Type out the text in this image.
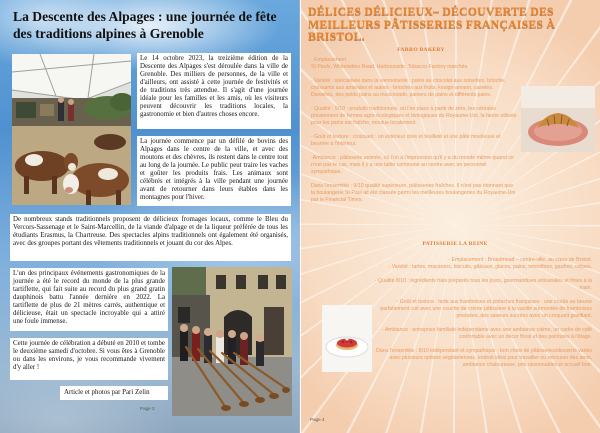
La Descente des Alpages : une journée de fête des traditions alpines à Grenoble
Le 14 octobre 2023, la treizième édition de la Descente des Alpages s'est déroulée dans la ville de Grenoble. Des milliers de personnes, de la ville et d'ailleurs, ont assisté à cette journée de festivités et de traditions très attendue. Il s'agit d'une journée idéale pour les familles et les amis, où les visiteurs peuvent découvrir les traditions locales, la gastronomie et bien d'autres choses encore.
La journée commence par un défilé de bovins des Alpages dans le centre de la ville, et avec des moutons et des chèvres, ils restent dans le centre tout au long de la journée. Le public peut traire les vaches et goûter les produits frais. Les animaux sont célébrés et intégrés à la ville pendant une journée avant de retourner dans leurs étables dans les montagnes pour l'hiver.
De nombreux stands traditionnels proposent de délicieux fromages locaux, comme le Bleu du Vercors-Sassenage et le Saint-Marcellin, de la viande d'alpage et de la liqueur préférée de tous les étudiants Erasmus, la Chartreuse. Des spectacles alpins traditionnels ont également été organisés, avec des groupes portant des vêtements traditionnels et jouant du cor des Alpes.
L'un des principaux événements gastronomiques de la journée a été le record du monde de la plus grande tartiflette, qui fait suite au record du plus grand gratin dauphinois battu l'année dernière en 2022. La tartiflette de plus de 21 mètres carrés, authentique et délicieuse, était un spectacle incroyable qui a attiré une foule immense.
Cette journée de célébration a débuté en 2010 et tombe le deuxième samedi d'octobre. Si vous êtes à Grenoble ou dans les environs, je vous recommande vivement d'y aller !
Article et photos par Pari Zelin
Page 3
DÉLICES DÉLICIEUX– DÉCOUVERTE DES MEILLEURS PÂTISSERIES FRANÇAISES À BRISTOL.
FARRO BAKERY

- Emplacement

St Pauls, Whiteladies Road, Harbourside, Tobacco Factory marchés.

- Variété : spécialisée dans la viennoiserie : pains au chocolat aux noisettes, brioche, croissants aux amandes et autres - brioches aux fruits, kouign-amann, canelés. Danishes, des petits pains au muscovado, paniers de pains et différents pains.

- Qualité : 9/10 : produits traditionnels, où l'on place à partir de zéro, les céréales proviennent de fermes agro-écologiques et biologiques du Royaume-Uni, la farine utilisée pour les pains est fraîche, moulue localement.

- Goût et texture : croissant : un extérieur doré et feuilleté et une pâte moelleuse et beurrée à l'intérieur.

-Ambiance : pâtisserie animée, où l'on a l'impression qu'il y a du monde même quand ce n'est pas le cas, mais il y a une table commune au centre avec un personnel sympathique.

Dans l'ensemble : 9/10 qualité supérieure, pâtisseries fraîches. Il n'est pas étonnant que la boulangerie St Paul ait été classée parmi les meilleures boulangeries du Royaume-Uni par le Financial Times.

PATISSERIE LA REINE

- Emplacement : Broadmead – centre-ville, au cœur de Bristol.

- Variété : tartes, macarons, biscuits, gâteaux, glaces, pains, smoothies, gaufres, crêpes.

- Qualité 8/10 : ingrédients frais préparés tous les jours, gourmandises artisanales et finies à la main.

- Goût et texture : tarte aux framboises et pistaches françaises : une croûte au beurre parfaitement cuit avec une couche de crème pâtissière à la vanille surmontée de framboises pressées, des saveurs sucrées avec un croquant gratifiant.

- Ambiance : entreprise familiale indépendante avec une ambiance calme, un cadre de café confortable avec un décor floral et des peintures à l'étage.

Dans l'ensemble : 8/10 indépendant et sympathique - bon choix de pâtisseries/desserts variés avec plusieurs options végétariennes, endroit idéal pour travailler ou retrouver des amis, ambiance chaleureuse, prix raisonnables et accueil bon.

Page 4
